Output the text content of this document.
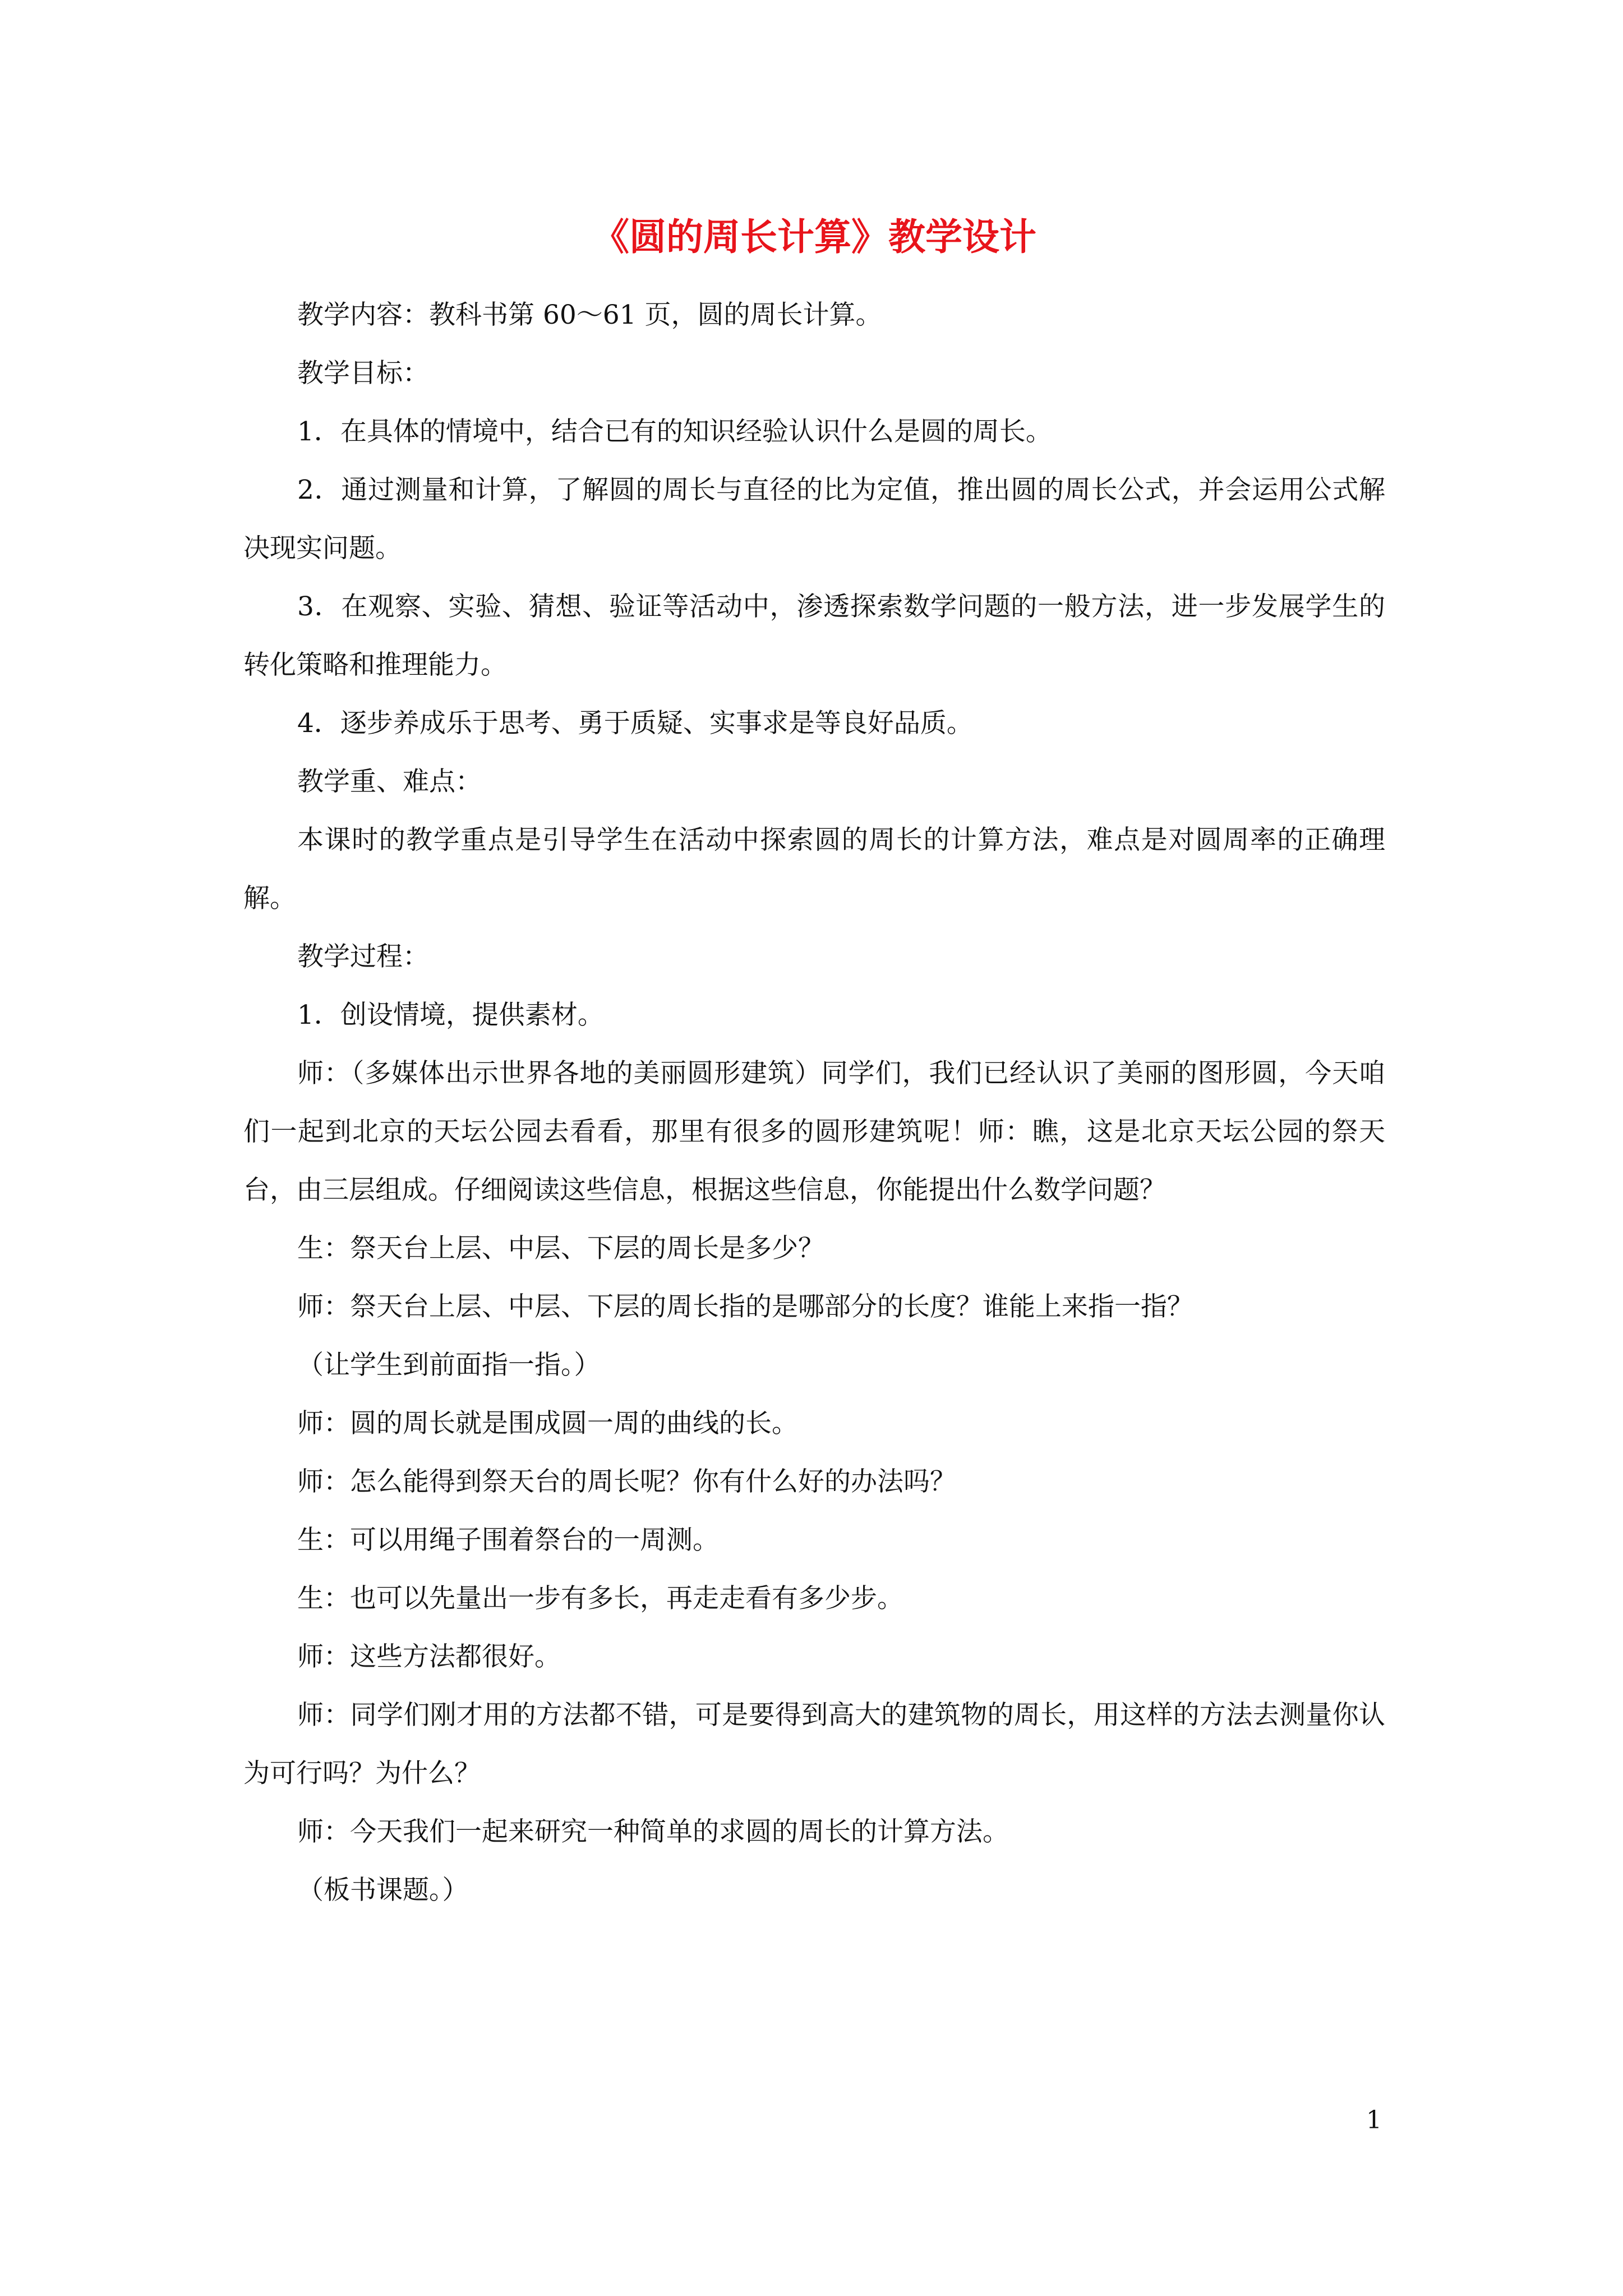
《圆的周长计算》教学设计

教学内容：教科书第 60～61 页，圆的周长计算。

教学目标：

1．在具体的情境中，结合已有的知识经验认识什么是圆的周长。

2．通过测量和计算，了解圆的周长与直径的比为定值，推出圆的周长公式，并会运用公式解决现实问题。

3．在观察、实验、猜想、验证等活动中，渗透探索数学问题的一般方法，进一步发展学生的转化策略和推理能力。

4．逐步养成乐于思考、勇于质疑、实事求是等良好品质。

教学重、难点：

本课时的教学重点是引导学生在活动中探索圆的周长的计算方法，难点是对圆周率的正确理解。

教学过程：

1．创设情境，提供素材。

师：（多媒体出示世界各地的美丽圆形建筑）同学们，我们已经认识了美丽的图形圆，今天咱们一起到北京的天坛公园去看看，那里有很多的圆形建筑呢！师：瞧，这是北京天坛公园的祭天台，由三层组成。仔细阅读这些信息，根据这些信息，你能提出什么数学问题？

生：祭天台上层、中层、下层的周长是多少？

师：祭天台上层、中层、下层的周长指的是哪部分的长度？谁能上来指一指？

（让学生到前面指一指。）

师：圆的周长就是围成圆一周的曲线的长。

师：怎么能得到祭天台的周长呢？你有什么好的办法吗？

生：可以用绳子围着祭台的一周测。

生：也可以先量出一步有多长，再走走看有多少步。

师：这些方法都很好。

师：同学们刚才用的方法都不错，可是要得到高大的建筑物的周长，用这样的方法去测量你认为可行吗？为什么？

师：今天我们一起来研究一种简单的求圆的周长的计算方法。

（板书课题。）

1
